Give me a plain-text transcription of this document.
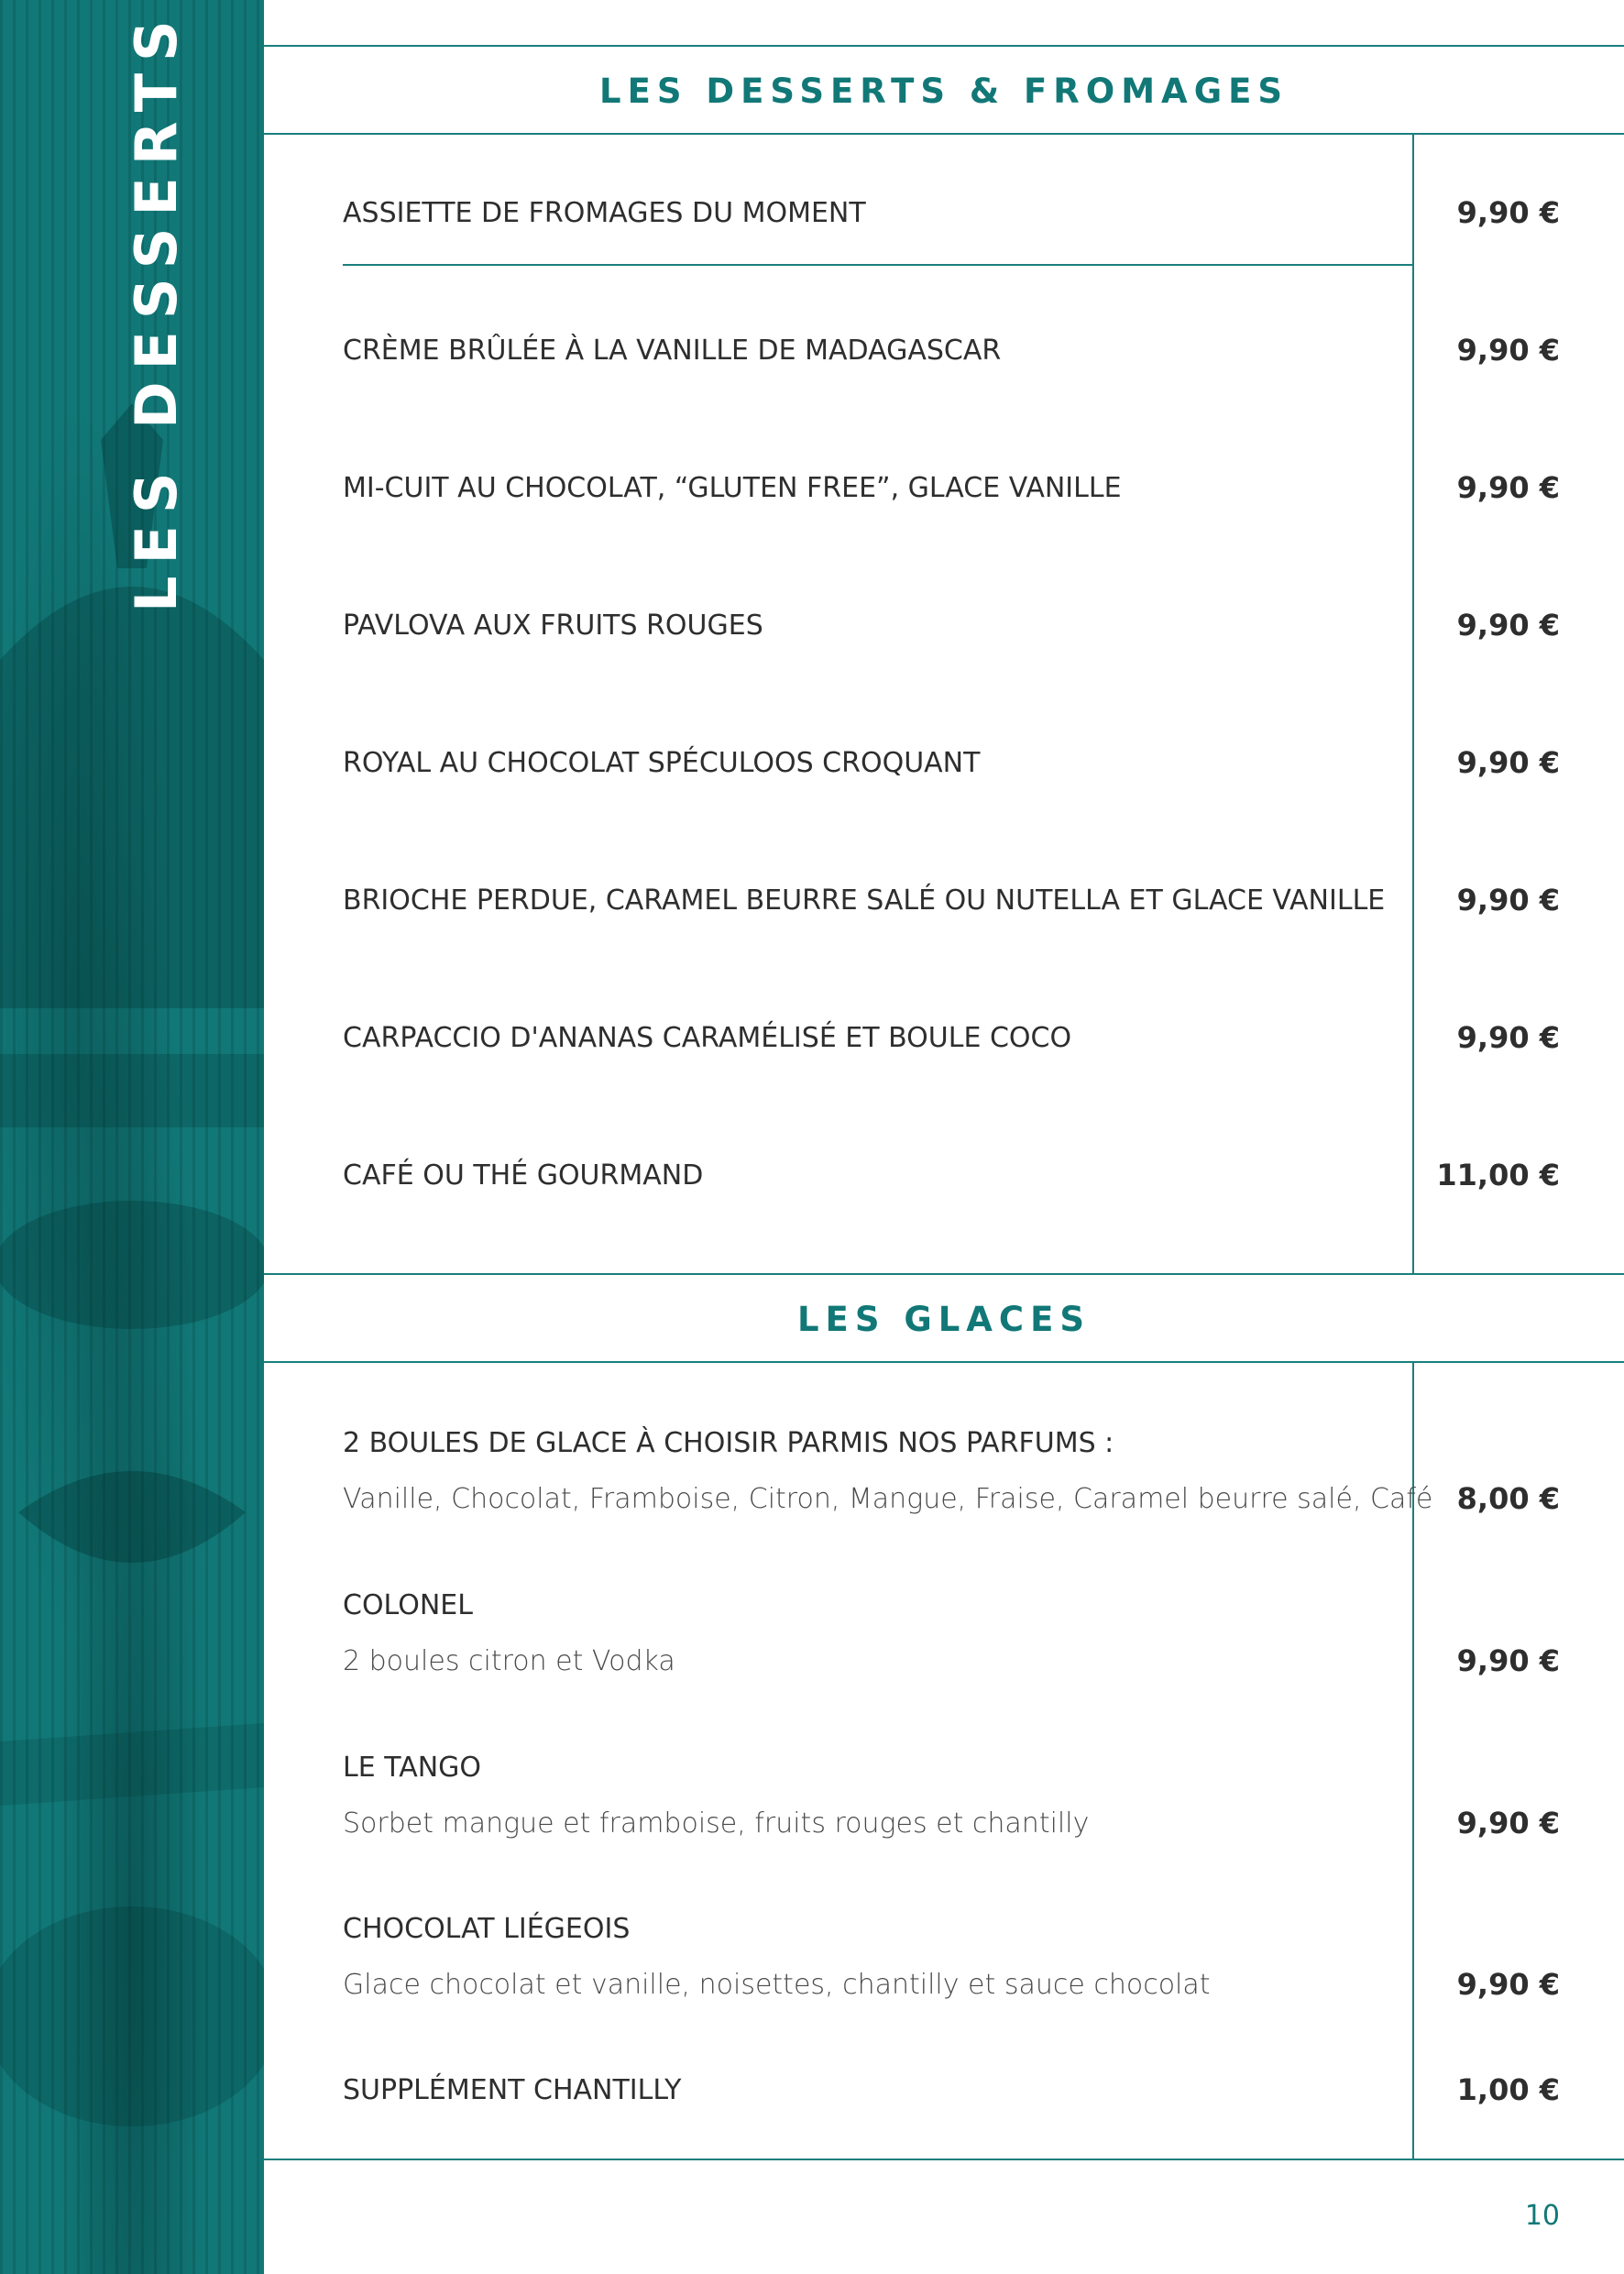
LES DESSERTS	LES DESSERTS & FROMAGES
ASSIETTE DE FROMAGES DU MOMENT	9,90 €
CRÈME BRÛLÉE À LA VANILLE DE MADAGASCAR	9,90 €
MI-CUIT AU CHOCOLAT, “GLUTEN FREE”, GLACE VANILLE	9,90 €
PAVLOVA AUX FRUITS ROUGES	9,90 €
ROYAL AU CHOCOLAT SPÉCULOOS CROQUANT	9,90 €
BRIOCHE PERDUE, CARAMEL BEURRE SALÉ OU NUTELLA ET GLACE VANILLE 9,90 €
CARPACCIO D'ANANAS CARAMÉLISÉ ET BOULE COCO	9,90 €
CAFÉ OU THÉ GOURMAND	11,00 €
LES GLACES
2 BOULES DE GLACE À CHOISIR PARMIS NOS PARFUMS :
Vanille, Chocolat, Framboise, Citron, Mangue, Fraise, Caramel beurre salé, Café 8,00 €
COLONEL
2 boules citron et Vodka	9,90 €
LE TANGO
Sorbet mangue et framboise, fruits rouges et chantilly	9,90 €
CHOCOLAT LIÉGEOIS
Glace chocolat et vanille, noisettes, chantilly et sauce chocolat	9,90 €
SUPPLÉMENT CHANTILLY	1,00 €
10
